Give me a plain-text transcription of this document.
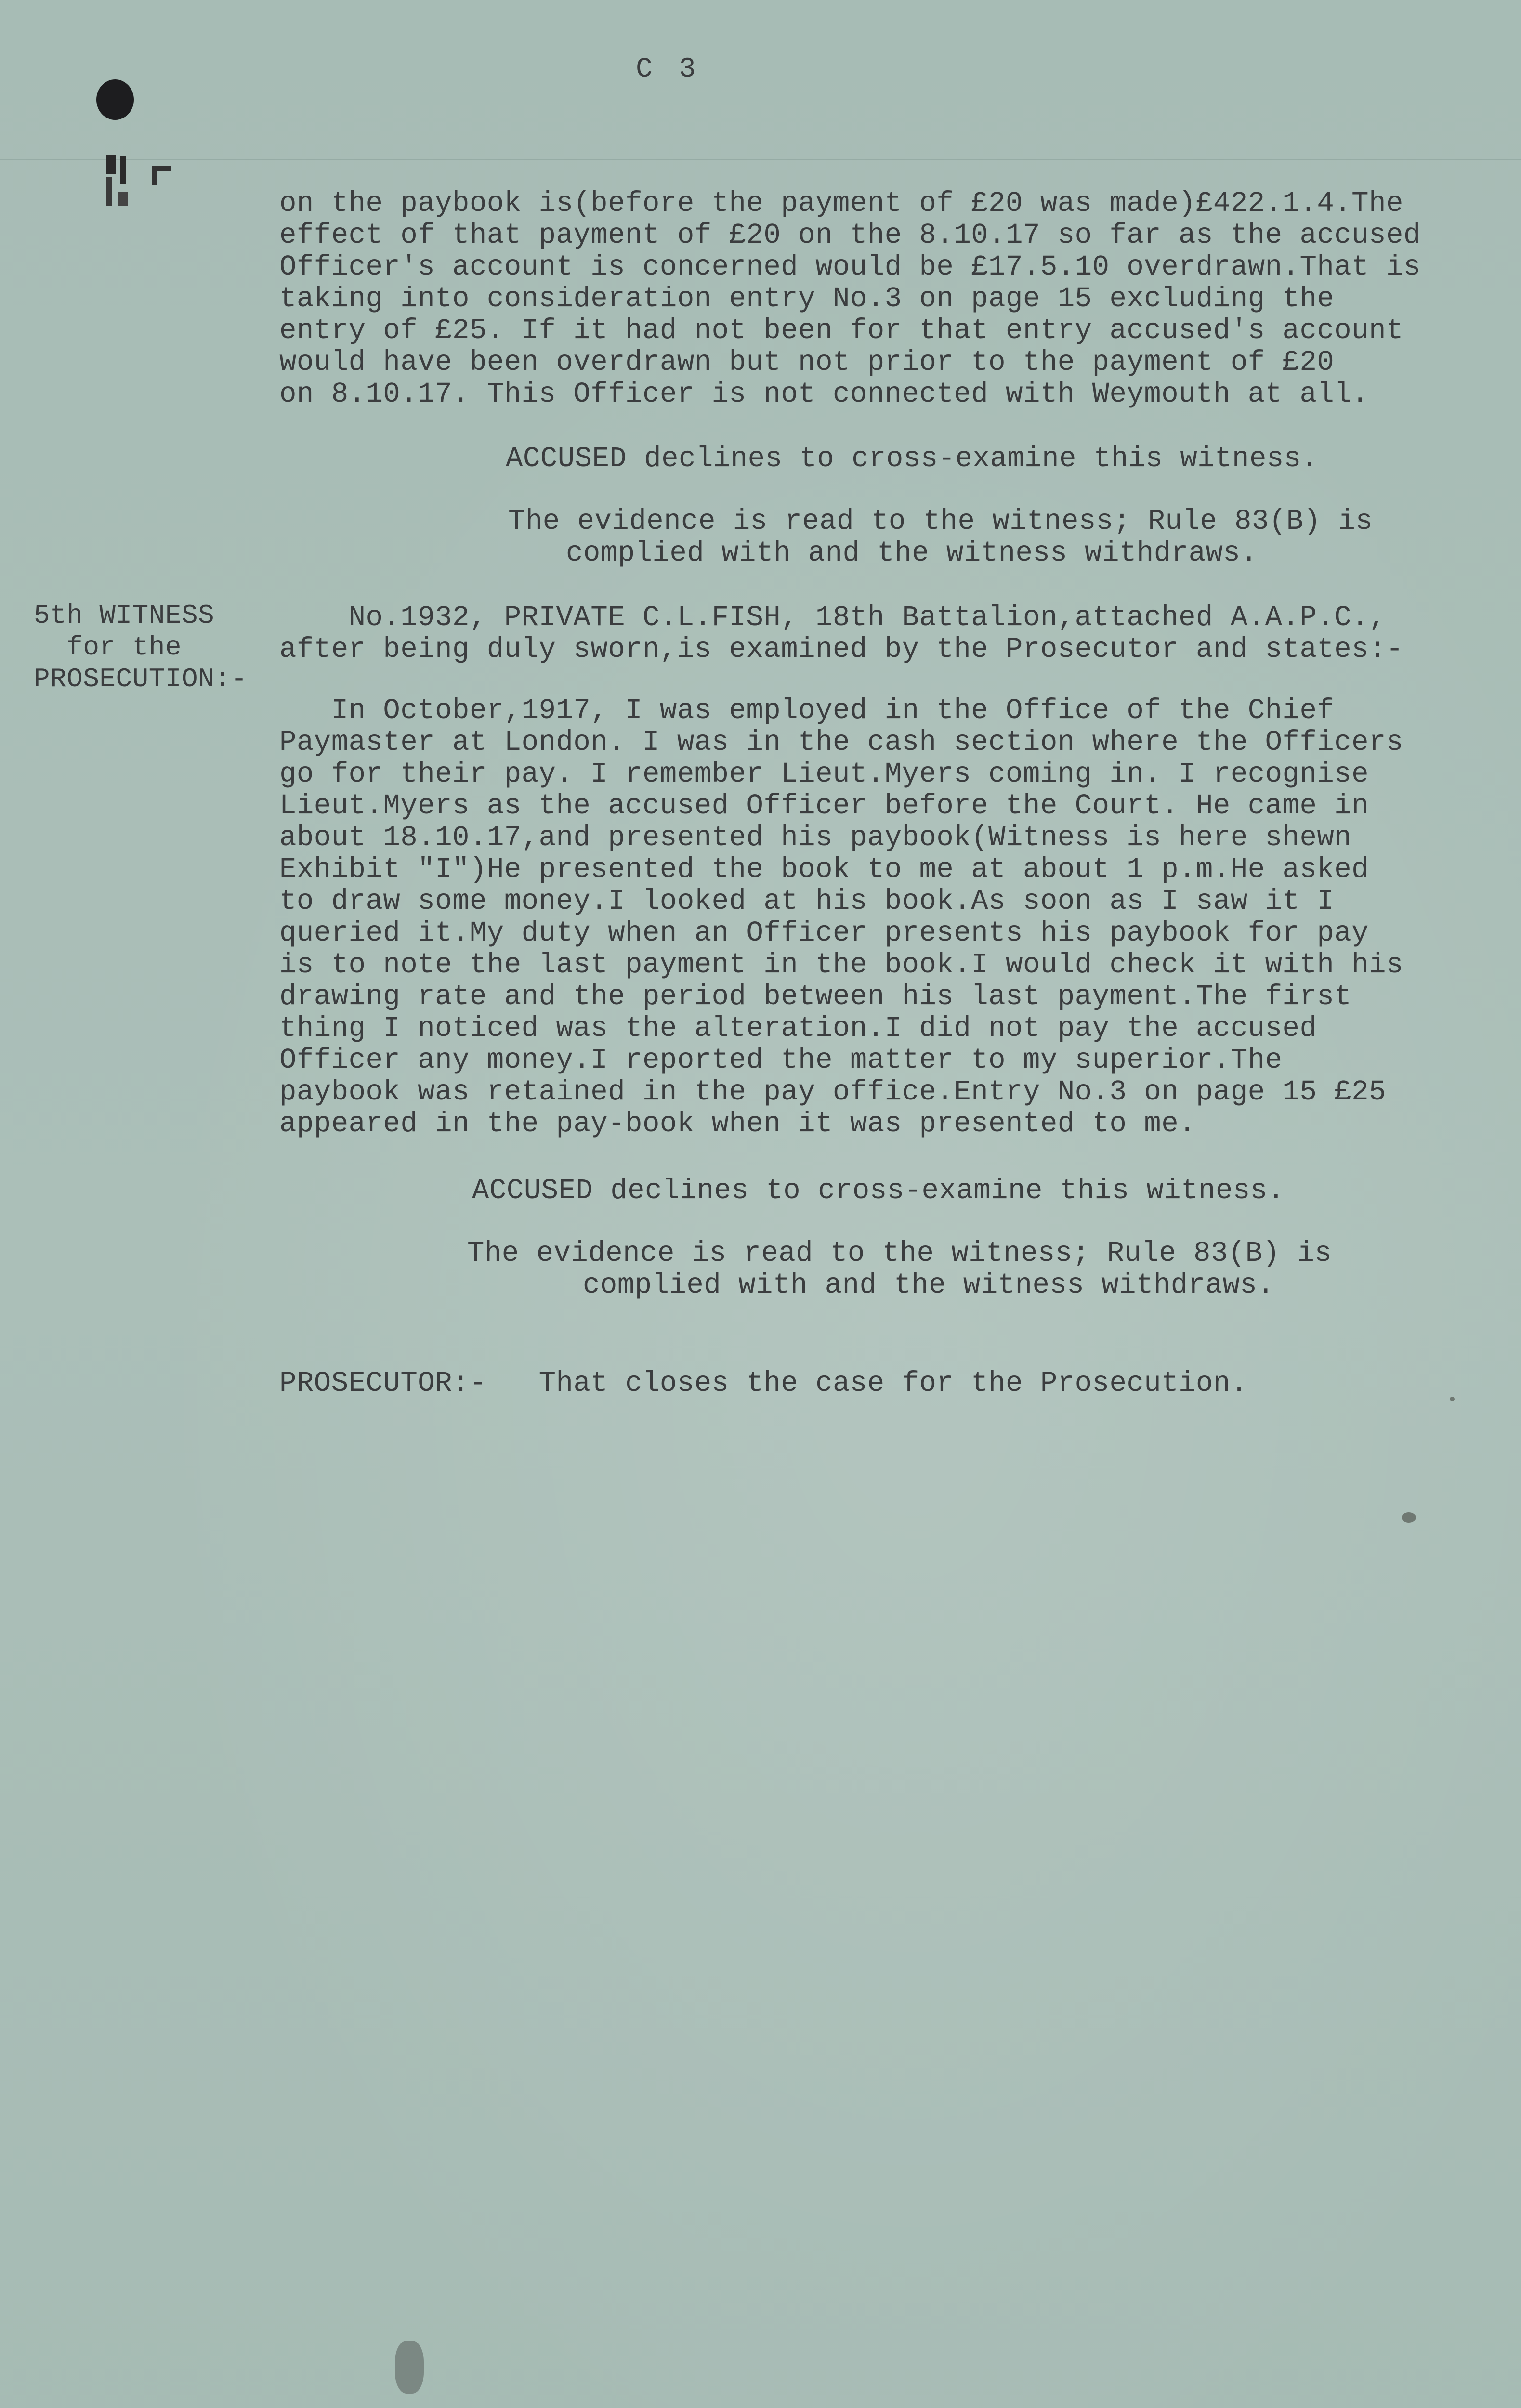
C 3
on the paybook is(before the payment of £20 was made)£422.1.4.The
effect of that payment of £20 on the 8.10.17 so far as the accused
Officer's account is concerned would be £17.5.10 overdrawn.That is
taking into consideration entry No.3 on page 15 excluding the
entry of £25. If it had not been for that entry accused's account
would have been overdrawn but not prior to the payment of £20
on 8.10.17. This Officer is not connected with Weymouth at all.
ACCUSED declines to cross-examine this witness.
The evidence is read to the witness; Rule 83(B) is
complied with and the witness withdraws.
5th WITNESS
for the
PROSECUTION:-
No.1932, PRIVATE C.L.FISH, 18th Battalion,attached A.A.P.C.,
after being duly sworn,is examined by the Prosecutor and states:-
In October,1917, I was employed in the Office of the Chief
Paymaster at London. I was in the cash section where the Officers
go for their pay. I remember Lieut.Myers coming in. I recognise
Lieut.Myers as the accused Officer before the Court. He came in
about 18.10.17,and presented his paybook(Witness is here shewn
Exhibit "I")He presented the book to me at about 1 p.m.He asked
to draw some money.I looked at his book.As soon as I saw it I
queried it.My duty when an Officer presents his paybook for pay
is to note the last payment in the book.I would check it with his
drawing rate and the period between his last payment.The first
thing I noticed was the alteration.I did not pay the accused
Officer any money.I reported the matter to my superior.The
paybook was retained in the pay office.Entry No.3 on page 15 £25
appeared in the pay-book when it was presented to me.
ACCUSED declines to cross-examine this witness.
The evidence is read to the witness; Rule 83(B) is
complied with and the witness withdraws.
PROSECUTOR:-   That closes the case for the Prosecution.
